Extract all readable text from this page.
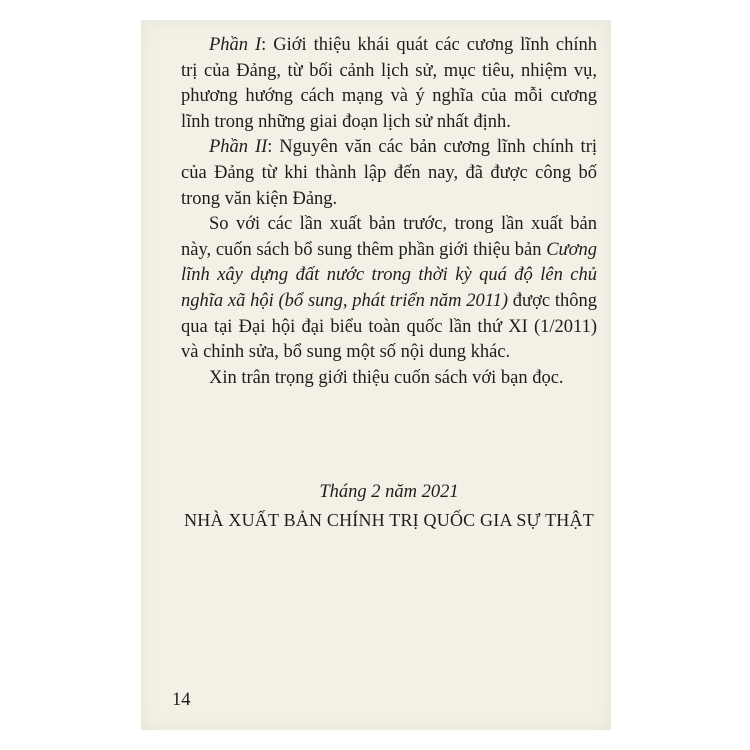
Phần I: Giới thiệu khái quát các cương lĩnh chính trị của Đảng, từ bối cảnh lịch sử, mục tiêu, nhiệm vụ, phương hướng cách mạng và ý nghĩa của mỗi cương lĩnh trong những giai đoạn lịch sử nhất định.

Phần II: Nguyên văn các bản cương lĩnh chính trị của Đảng từ khi thành lập đến nay, đã được công bố trong văn kiện Đảng.

So với các lần xuất bản trước, trong lần xuất bản này, cuốn sách bổ sung thêm phần giới thiệu bản Cương lĩnh xây dựng đất nước trong thời kỳ quá độ lên chủ nghĩa xã hội (bổ sung, phát triển năm 2011) được thông qua tại Đại hội đại biểu toàn quốc lần thứ XI (1/2011) và chỉnh sửa, bổ sung một số nội dung khác.

Xin trân trọng giới thiệu cuốn sách với bạn đọc.

Tháng 2 năm 2021
NHÀ XUẤT BẢN CHÍNH TRỊ QUỐC GIA SỰ THẬT
14
